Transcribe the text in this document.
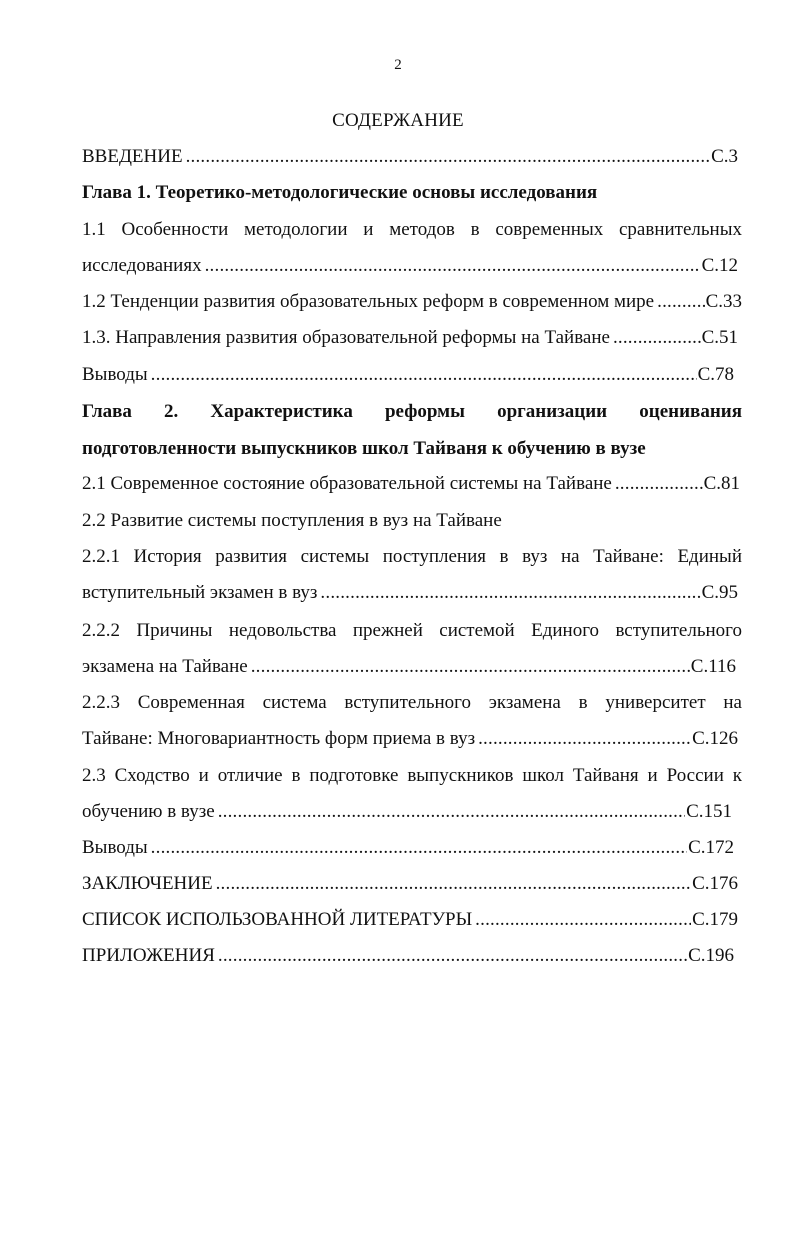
2
СОДЕРЖАНИЕ
ВВЕДЕНИЕ .....	С.3
Глава 1. Теоретико-методологические основы исследования
1.1 Особенности методологии и методов в современных сравнительных
исследованиях .....	С.12
1.2 Тенденции развития образовательных реформ в современном мире .....	С.33
1.3. Направления развития образовательной реформы на Тайване .....	С.51
Выводы .....	С.78
Глава 2. Характеристика реформы организации оценивания
подготовленности выпускников школ Тайваня к обучению в вузе
2.1 Современное состояние образовательной системы на Тайване .....	С.81
2.2 Развитие системы поступления в вуз на Тайване
2.2.1 История развития системы поступления в вуз на Тайване: Единый
вступительный экзамен в вуз .....	С.95
2.2.2 Причины недовольства прежней системой Единого вступительного
экзамена на Тайване .....	С.116
2.2.3 Современная система вступительного экзамена в университет на
Тайване: Многовариантность форм приема в вуз .....	С.126
2.3 Сходство и отличие в подготовке выпускников школ Тайваня и России к
обучению в вузе .....	С.151
Выводы .....	С.172
ЗАКЛЮЧЕНИЕ .....	С.176
СПИСОК ИСПОЛЬЗОВАННОЙ ЛИТЕРАТУРЫ .....	С.179
ПРИЛОЖЕНИЯ .....	С.196
